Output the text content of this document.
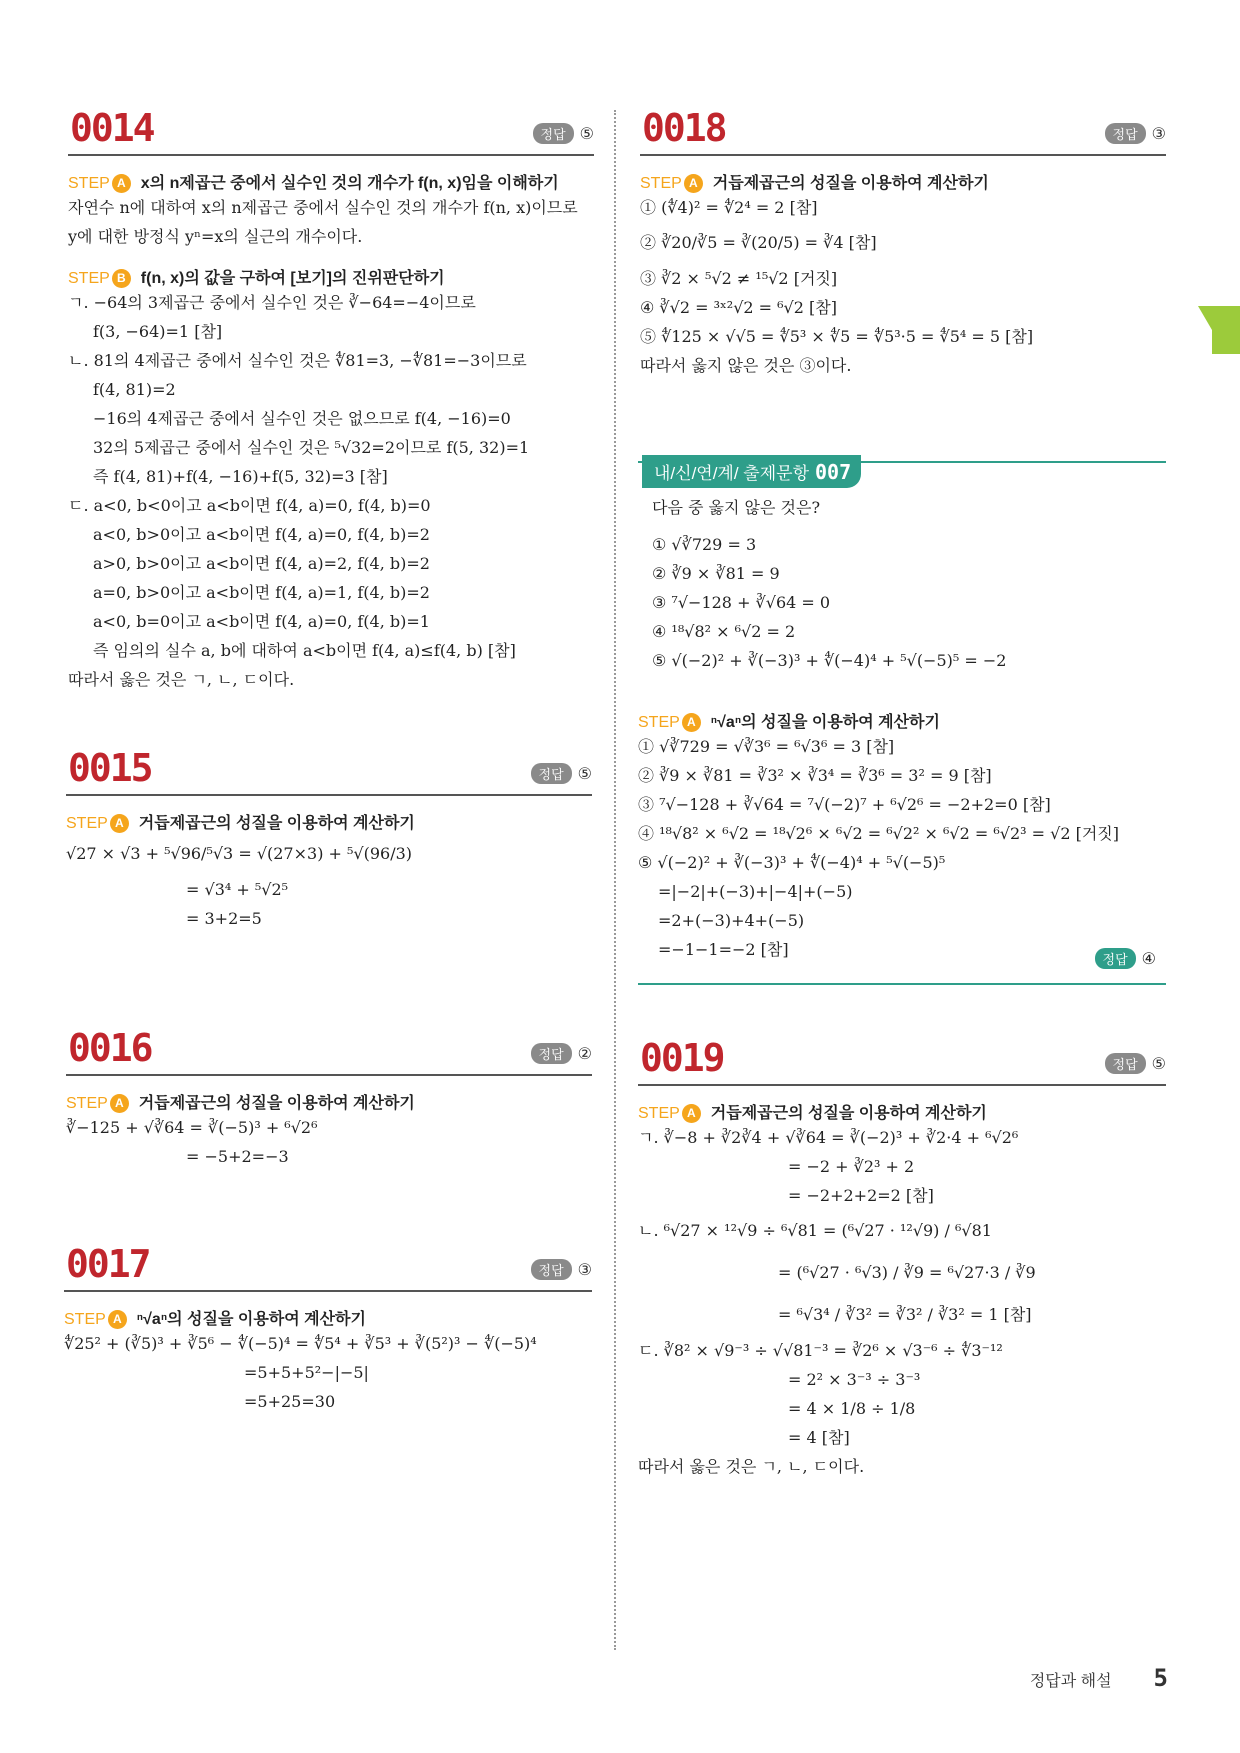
0014	정답 ⑤
STEP A x의 n제곱근 중에서 실수인 것의 개수가 f(n, x)임을 이해하기
자연수 n에 대하여 x의 n제곱근 중에서 실수인 것의 개수가 f(n, x)이므로
y에 대한 방정식 yⁿ=x의 실근의 개수이다.
STEP B f(n, x)의 값을 구하여 [보기]의 진위판단하기
ㄱ. −64의 3제곱근 중에서 실수인 것은 ∛−64=−4이므로
f(3, −64)=1 [참]
ㄴ. 81의 4제곱근 중에서 실수인 것은 ∜81=3, −∜81=−3이므로
f(4, 81)=2
−16의 4제곱근 중에서 실수인 것은 없으므로 f(4, −16)=0
32의 5제곱근 중에서 실수인 것은 ⁵√32=2이므로 f(5, 32)=1
즉 f(4, 81)+f(4, −16)+f(5, 32)=3 [참]
ㄷ. a<0, b<0이고 a<b이면 f(4, a)=0, f(4, b)=0
a<0, b>0이고 a<b이면 f(4, a)=0, f(4, b)=2
a>0, b>0이고 a<b이면 f(4, a)=2, f(4, b)=2
a=0, b>0이고 a<b이면 f(4, a)=1, f(4, b)=2
a<0, b=0이고 a<b이면 f(4, a)=0, f(4, b)=1
즉 임의의 실수 a, b에 대하여 a<b이면 f(4, a)≤f(4, b) [참]
따라서 옳은 것은 ㄱ, ㄴ, ㄷ이다.
0015	정답 ⑤
STEP A 거듭제곱근의 성질을 이용하여 계산하기
√27 × √3 + ⁵√96/⁵√3 = √(27×3) + ⁵√(96/3)
= √3⁴ + ⁵√2⁵
= 3+2=5
0016	정답 ②
STEP A 거듭제곱근의 성질을 이용하여 계산하기
∛−125 + √∛64 = ∛(−5)³ + ⁶√2⁶
= −5+2=−3
0017	정답 ③
STEP A ⁿ√aⁿ의 성질을 이용하여 계산하기
∜25² + (∛5)³ + ∛5⁶ − ∜(−5)⁴ = ∜5⁴ + ∛5³ + ∛(5²)³ − ∜(−5)⁴
=5+5+5²−|−5|
=5+25=30
0018	정답 ③
STEP A 거듭제곱근의 성질을 이용하여 계산하기
① (∜4)² = ∜2⁴ = 2 [참]
② ∛20/∛5 = ∛(20/5) = ∛4 [참]
③ ∛2 × ⁵√2 ≠ ¹⁵√2 [거짓]
④ ∛√2 = ³ˣ²√2 = ⁶√2 [참]
⑤ ∜125 × √√5 = ∜5³ × ∜5 = ∜5³·5 = ∜5⁴ = 5 [참]
따라서 옳지 않은 것은 ③이다.
내/신/연/계/ 출제문항 007
다음 중 옳지 않은 것은?
① √∛729 = 3
② ∛9 × ∛81 = 9
③ ⁷√−128 + ∛√64 = 0
④ ¹⁸√8² × ⁶√2 = 2
⑤ √(−2)² + ∛(−3)³ + ∜(−4)⁴ + ⁵√(−5)⁵ = −2
STEP A ⁿ√aⁿ의 성질을 이용하여 계산하기
① √∛729 = √∛3⁶ = ⁶√3⁶ = 3 [참]
② ∛9 × ∛81 = ∛3² × ∛3⁴ = ∛3⁶ = 3² = 9 [참]
③ ⁷√−128 + ∛√64 = ⁷√(−2)⁷ + ⁶√2⁶ = −2+2=0 [참]
④ ¹⁸√8² × ⁶√2 = ¹⁸√2⁶ × ⁶√2 = ⁶√2² × ⁶√2 = ⁶√2³ = √2 [거짓]
⑤ √(−2)² + ∛(−3)³ + ∜(−4)⁴ + ⁵√(−5)⁵
=|−2|+(−3)+|−4|+(−5)
=2+(−3)+4+(−5)
=−1−1=−2 [참]
정답 ④
0019	정답 ⑤
STEP A 거듭제곱근의 성질을 이용하여 계산하기
ㄱ. ∛−8 + ∛2∛4 + √∛64 = ∛(−2)³ + ∛2·4 + ⁶√2⁶
= −2 + ∛2³ + 2
= −2+2+2=2 [참]
ㄴ. ⁶√27 × ¹²√9 ÷ ⁶√81 = (⁶√27 · ¹²√9) / ⁶√81
= (⁶√27 · ⁶√3) / ∛9 = ⁶√27·3 / ∛9
= ⁶√3⁴ / ∛3² = ∛3² / ∛3² = 1 [참]
ㄷ. ∛8² × √9⁻³ ÷ √√81⁻³ = ∛2⁶ × √3⁻⁶ ÷ ∜3⁻¹²
= 2² × 3⁻³ ÷ 3⁻³
= 4 × 1/8 ÷ 1/8
= 4 [참]
따라서 옳은 것은 ㄱ, ㄴ, ㄷ이다.
정답과 해설 5
